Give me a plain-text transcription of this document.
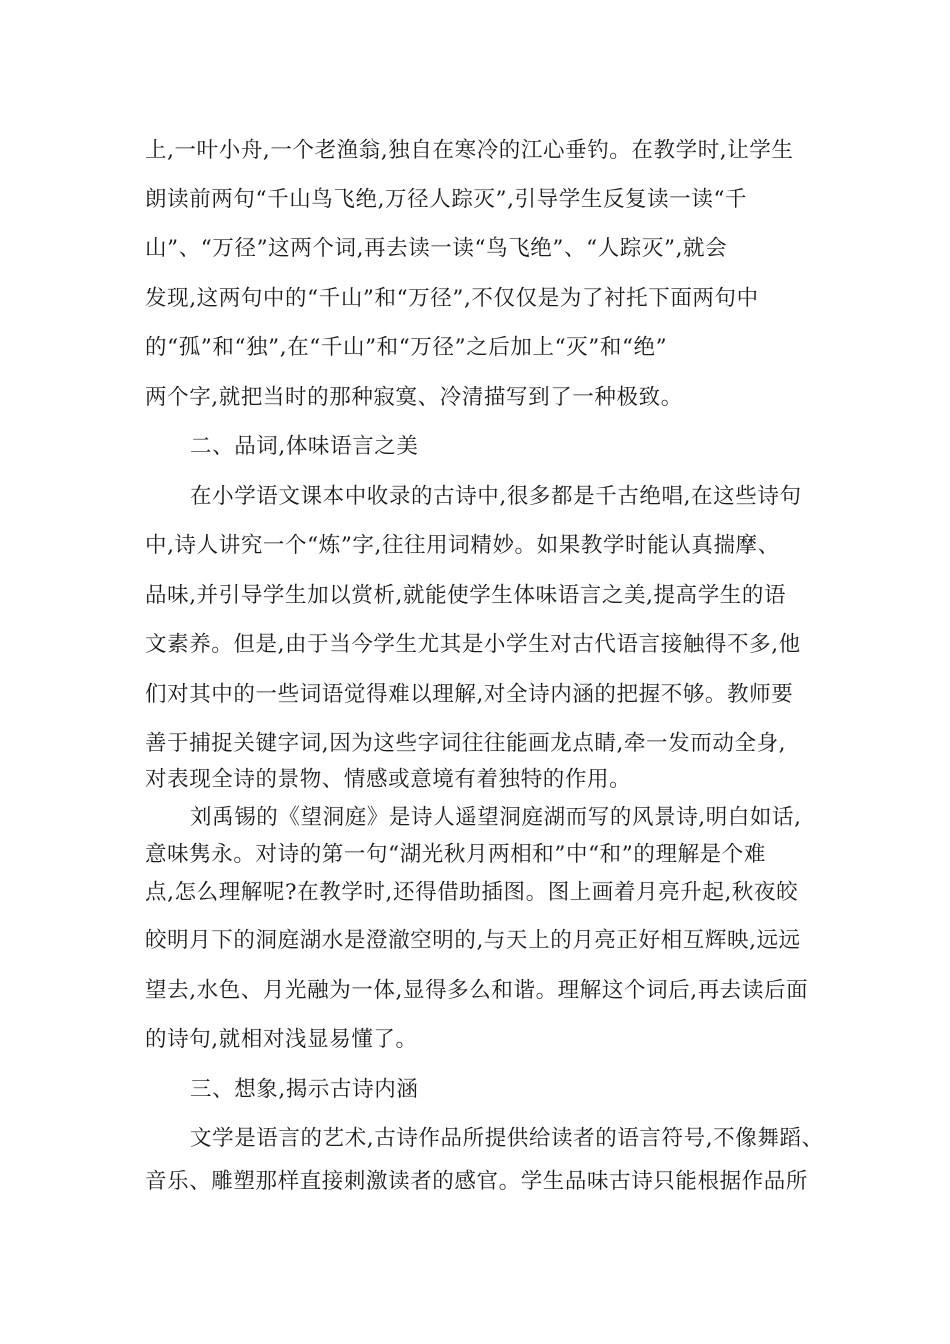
上,一叶小舟,一个老渔翁,独自在寒冷的江心垂钓。在教学时,让学生
朗读前两句“千山鸟飞绝,万径人踪灭”,引导学生反复读一读“千
山”、“万径”这两个词,再去读一读“鸟飞绝”、“人踪灭”,就会
发现,这两句中的“千山”和“万径”,不仅仅是为了衬托下面两句中
的“孤”和“独”,在“千山”和“万径”之后加上“灭”和“绝”
两个字,就把当时的那种寂寞、冷清描写到了一种极致。
二、品词,体味语言之美
在小学语文课本中收录的古诗中,很多都是千古绝唱,在这些诗句
中,诗人讲究一个“炼”字,往往用词精妙。如果教学时能认真揣摩、
品味,并引导学生加以赏析,就能使学生体味语言之美,提高学生的语
文素养。但是,由于当今学生尤其是小学生对古代语言接触得不多,他
们对其中的一些词语觉得难以理解,对全诗内涵的把握不够。教师要
善于捕捉关键字词,因为这些字词往往能画龙点睛,牵一发而动全身,
对表现全诗的景物、情感或意境有着独特的作用。
刘禹锡的《望洞庭》是诗人遥望洞庭湖而写的风景诗,明白如话,
意味隽永。对诗的第一句“湖光秋月两相和”中“和”的理解是个难
点,怎么理解呢?在教学时,还得借助插图。图上画着月亮升起,秋夜皎
皎明月下的洞庭湖水是澄澈空明的,与天上的月亮正好相互辉映,远远
望去,水色、月光融为一体,显得多么和谐。理解这个词后,再去读后面
的诗句,就相对浅显易懂了。
三、想象,揭示古诗内涵
文学是语言的艺术,古诗作品所提供给读者的语言符号,不像舞蹈、
音乐、雕塑那样直接刺激读者的感官。学生品味古诗只能根据作品所
